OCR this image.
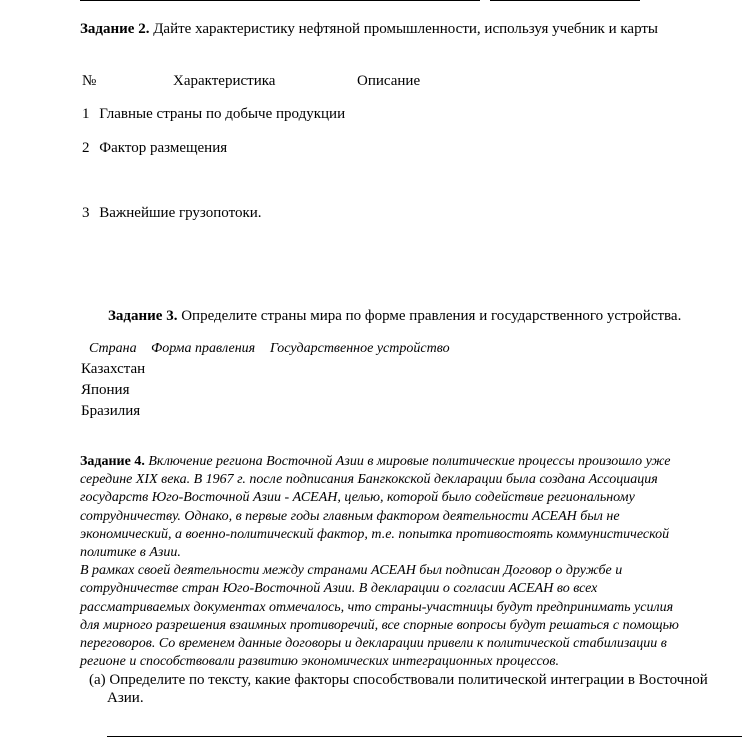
Задание 2. Дайте характеристику нефтяной промышленности, используя учебник и карты
№	Характеристика	Описание
1 Главные страны по добыче продукции
2 Фактор размещения
3 Важнейшие грузопотоки.
Задание 3. Определите страны мира по форме правления и государственного устройства.
Страна Форма правления Государственное устройство
Казахстан
Япония
Бразилия

Задание 4. Включение региона Восточной Азии в мировые политические процессы произошло уже

середине XIX века. В 1967 г. после подписания Бангкокской декларации была создана Ассоциация

государств Юго-Восточной Азии - АСЕАН, целью, которой было содействие региональному

сотрудничеству. Однако, в первые годы главным фактором деятельности АСЕАН был не

экономический, а военно-политический фактор, т.е. попытка противостоять коммунистической

политике в Азии.

В рамках своей деятельности между странами АСЕАН был подписан Договор о дружбе и

сотрудничестве стран Юго-Восточной Азии. В декларации о согласии АСЕАН во всех

рассматриваемых документах отмечалось, что страны-участницы будут предпринимать усилия

для мирного разрешения взаимных противоречий, все спорные вопросы будут решаться с помощью

переговоров. Со временем данные договоры и декларации привели к политической стабилизации в

регионе и способствовали развитию экономических интеграционных процессов.

(a) Определите по тексту, какие факторы способствовали политической интеграции в Восточной
Азии.
